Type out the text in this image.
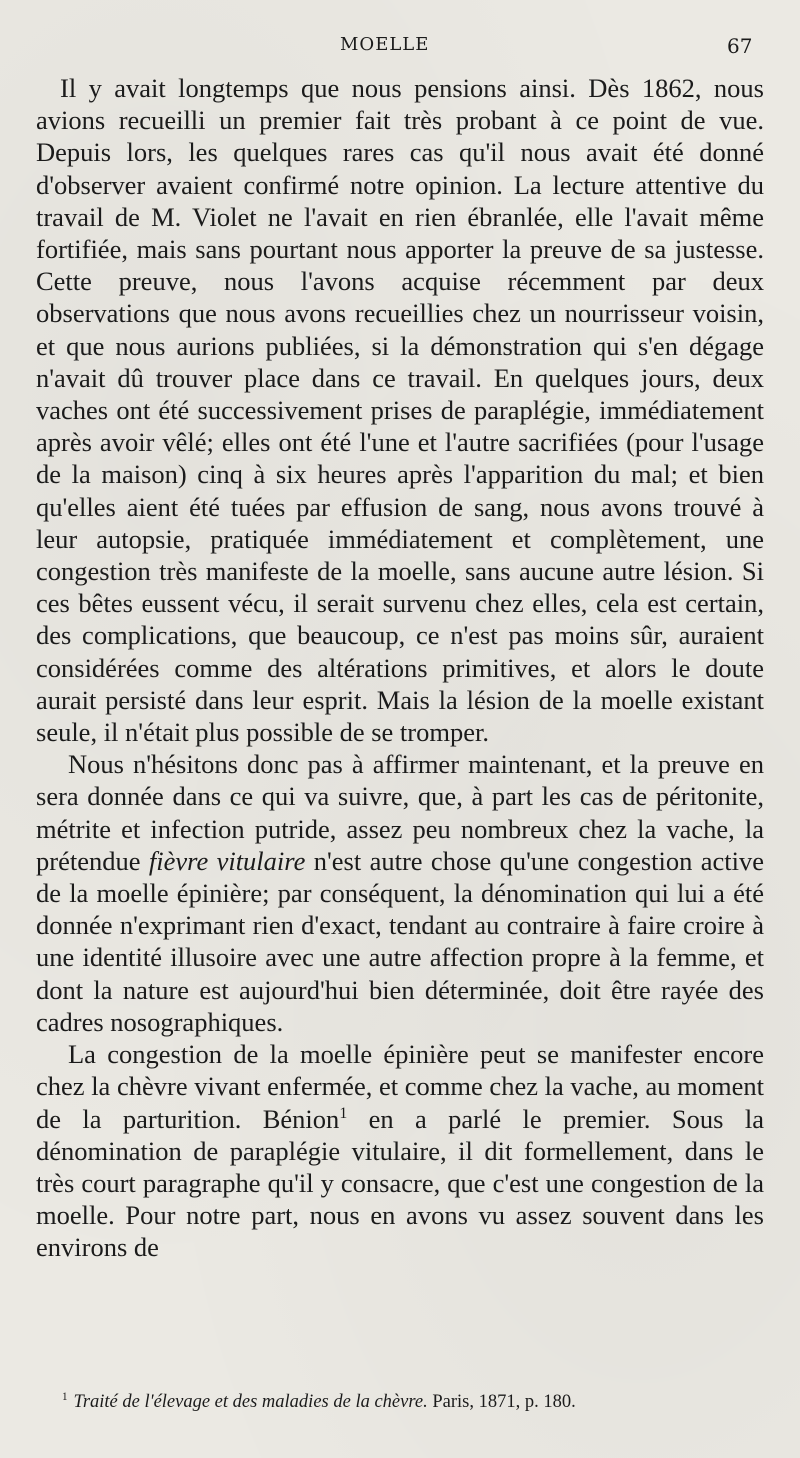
MOELLE	67

Il y avait longtemps que nous pensions ainsi. Dès 1862, nous avions recueilli un premier fait très probant à ce point de vue. Depuis lors, les quelques rares cas qu'il nous avait été donné d'observer avaient confirmé notre opinion. La lecture attentive du travail de M. Violet ne l'avait en rien ébranlée, elle l'avait même fortifiée, mais sans pourtant nous apporter la preuve de sa justesse. Cette preuve, nous l'avons acquise récemment par deux observations que nous avons recueillies chez un nourrisseur voisin, et que nous aurions publiées, si la démonstration qui s'en dégage n'avait dû trouver place dans ce travail. En quelques jours, deux vaches ont été successivement prises de paraplégie, immédiatement après avoir vêlé; elles ont été l'une et l'autre sacrifiées (pour l'usage de la maison) cinq à six heures après l'apparition du mal; et bien qu'elles aient été tuées par effusion de sang, nous avons trouvé à leur autopsie, pratiquée immédiatement et complètement, une congestion très manifeste de la moelle, sans aucune autre lésion. Si ces bêtes eussent vécu, il serait survenu chez elles, cela est certain, des complications, que beaucoup, ce n'est pas moins sûr, auraient considérées comme des altérations primitives, et alors le doute aurait persisté dans leur esprit. Mais la lésion de la moelle existant seule, il n'était plus possible de se tromper.

Nous n'hésitons donc pas à affirmer maintenant, et la preuve en sera donnée dans ce qui va suivre, que, à part les cas de péritonite, métrite et infection putride, assez peu nombreux chez la vache, la prétendue fièvre vitulaire n'est autre chose qu'une congestion active de la moelle épinière; par conséquent, la dénomination qui lui a été donnée n'exprimant rien d'exact, tendant au contraire à faire croire à une identité illusoire avec une autre affection propre à la femme, et dont la nature est aujourd'hui bien déterminée, doit être rayée des cadres nosographiques.

La congestion de la moelle épinière peut se manifester encore chez la chèvre vivant enfermée, et comme chez la vache, au moment de la parturition. Bénion$^1$ en a parlé le premier. Sous la dénomination de paraplégie vitulaire, il dit formellement, dans le très court paragraphe qu'il y consacre, que c'est une congestion de la moelle. Pour notre part, nous en avons vu assez souvent dans les environs de

$^1$ Traité de l'élevage et des maladies de la chèvre. Paris, 1871, p. 180.
